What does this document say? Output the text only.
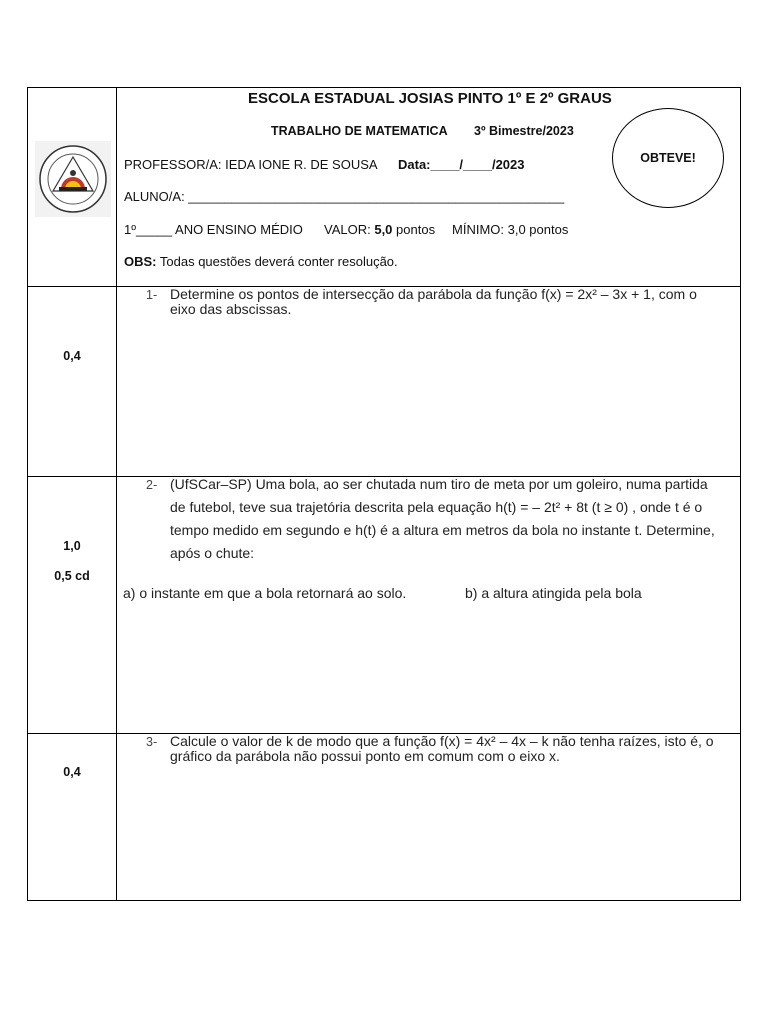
ESCOLA ESTADUAL JOSIAS PINTO 1º E 2º GRAUS
TRABALHO DE MATEMATICA 3º Bimestre/2023
PROFESSOR/A: IEDA IONE R. DE SOUSA Data:____/____/2023
ALUNO/A: ____________________________________________________
1º_____ ANO ENSINO MÉDIO VALOR: 5,0 pontos MÍNIMO: 3,0 pontos
OBS: Todas questões deverá conter resolução.
OBTEVE!
0,4
1- Determine os pontos de intersecção da parábola da função f(x) = 2x² – 3x + 1, com o
eixo das abscissas.
1,0
0,5 cd
2- (UfSCar–SP) Uma bola, ao ser chutada num tiro de meta por um goleiro, numa partida
de futebol, teve sua trajetória descrita pela equação h(t) = – 2t² + 8t (t ≥ 0) , onde t é o
tempo medido em segundo e h(t) é a altura em metros da bola no instante t. Determine,
após o chute:
a) o instante em que a bola retornará ao solo.	b) a altura atingida pela bola
0,4
3- Calcule o valor de k de modo que a função f(x) = 4x² – 4x – k não tenha raízes, isto é, o
gráfico da parábola não possui ponto em comum com o eixo x.
